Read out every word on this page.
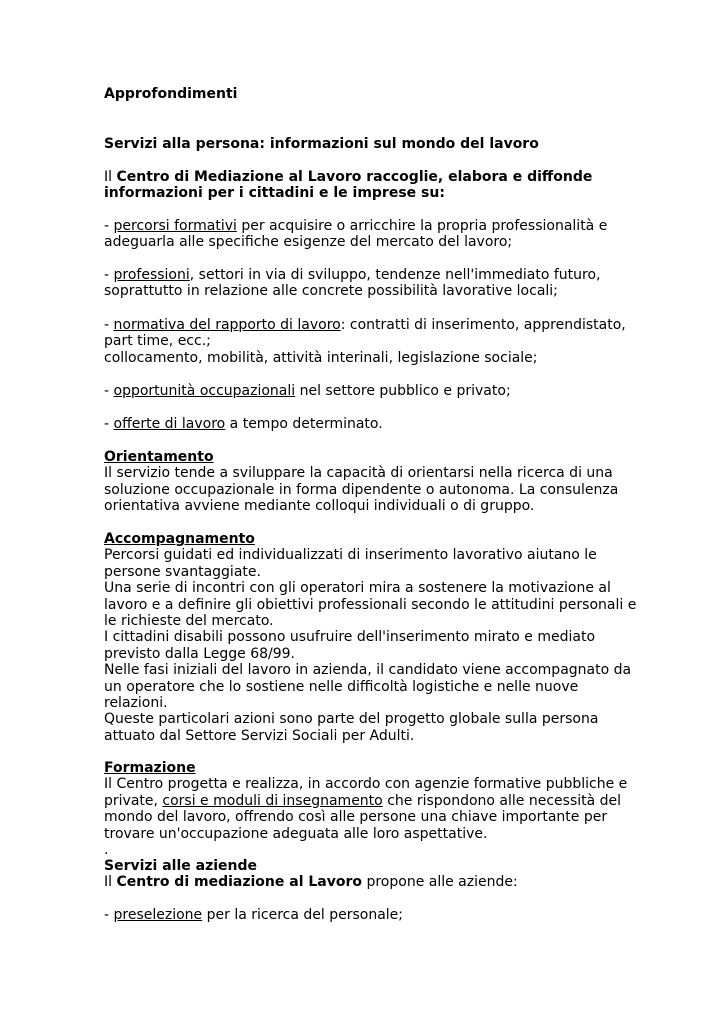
Approfondimenti
Servizi alla persona: informazioni sul mondo del lavoro
Il Centro di Mediazione al Lavoro raccoglie, elabora e diffonde
informazioni per i cittadini e le imprese su:
- percorsi formativi per acquisire o arricchire la propria professionalità e
adeguarla alle specifiche esigenze del mercato del lavoro;
- professioni, settori in via di sviluppo, tendenze nell'immediato futuro,
soprattutto in relazione alle concrete possibilità lavorative locali;
- normativa del rapporto di lavoro: contratti di inserimento, apprendistato,
part time, ecc.;
collocamento, mobilità, attività interinali, legislazione sociale;
- opportunità occupazionali nel settore pubblico e privato;
- offerte di lavoro a tempo determinato.
Orientamento
Il servizio tende a sviluppare la capacità di orientarsi nella ricerca di una
soluzione occupazionale in forma dipendente o autonoma. La consulenza
orientativa avviene mediante colloqui individuali o di gruppo.
Accompagnamento
Percorsi guidati ed individualizzati di inserimento lavorativo aiutano le
persone svantaggiate.
Una serie di incontri con gli operatori mira a sostenere la motivazione al
lavoro e a definire gli obiettivi professionali secondo le attitudini personali e
le richieste del mercato.
I cittadini disabili possono usufruire dell'inserimento mirato e mediato
previsto dalla Legge 68/99.
Nelle fasi iniziali del lavoro in azienda, il candidato viene accompagnato da
un operatore che lo sostiene nelle difficoltà logistiche e nelle nuove
relazioni.
Queste particolari azioni sono parte del progetto globale sulla persona
attuato dal Settore Servizi Sociali per Adulti.
Formazione
Il Centro progetta e realizza, in accordo con agenzie formative pubbliche e
private, corsi e moduli di insegnamento che rispondono alle necessità del
mondo del lavoro, offrendo così alle persone una chiave importante per
trovare un'occupazione adeguata alle loro aspettative.
.
Servizi alle aziende
Il Centro di mediazione al Lavoro propone alle aziende:
- preselezione per la ricerca del personale;
